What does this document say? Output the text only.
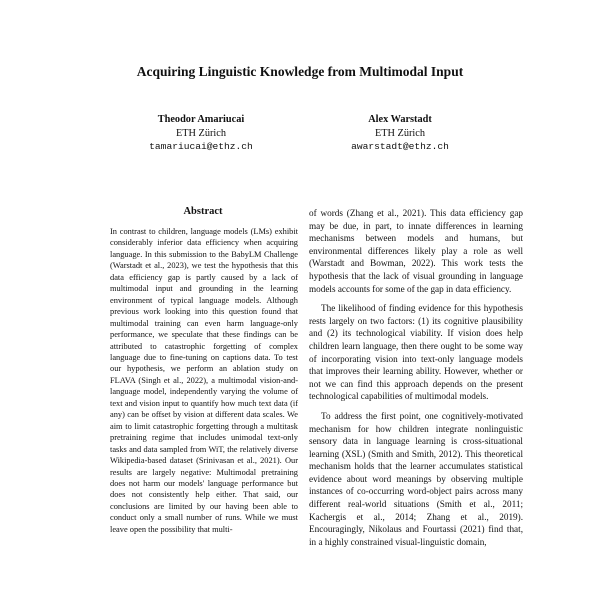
Acquiring Linguistic Knowledge from Multimodal Input
Theodor Amariucai
ETH Zürich
tamariucai@ethz.ch
Alex Warstadt
ETH Zürich
awarstadt@ethz.ch
Abstract

In contrast to children, language models (LMs) exhibit considerably inferior data efficiency when acquiring language. In this submission to the BabyLM Challenge (Warstadt et al., 2023), we test the hypothesis that this data efficiency gap is partly caused by a lack of multimodal input and grounding in the learning environment of typical language models. Although previous work looking into this question found that multimodal training can even harm language-only performance, we speculate that these findings can be attributed to catastrophic forgetting of complex language due to fine-tuning on captions data. To test our hypothesis, we perform an ablation study on FLAVA (Singh et al., 2022), a multimodal vision-and-language model, independently varying the volume of text and vision input to quantify how much text data (if any) can be offset by vision at different data scales. We aim to limit catastrophic forgetting through a multitask pretraining regime that includes unimodal text-only tasks and data sampled from WiT, the relatively diverse Wikipedia-based dataset (Srinivasan et al., 2021). Our results are largely negative: Multimodal pretraining does not harm our models' language performance but does not consistently help either. That said, our conclusions are limited by our having been able to conduct only a small number of runs. While we must leave open the possibility that multi-

of words (Zhang et al., 2021). This data efficiency gap may be due, in part, to innate differences in learning mechanisms between models and humans, but environmental differences likely play a role as well (Warstadt and Bowman, 2022). This work tests the hypothesis that the lack of visual grounding in language models accounts for some of the gap in data efficiency.

The likelihood of finding evidence for this hypothesis rests largely on two factors: (1) its cognitive plausibility and (2) its technological viability. If vision does help children learn language, then there ought to be some way of incorporating vision into text-only language models that improves their learning ability. However, whether or not we can find this approach depends on the present technological capabilities of multimodal models.

To address the first point, one cognitively-motivated mechanism for how children integrate nonlinguistic sensory data in language learning is cross-situational learning (XSL) (Smith and Smith, 2012). This theoretical mechanism holds that the learner accumulates statistical evidence about word meanings by observing multiple instances of co-occurring word-object pairs across many different real-world situations (Smith et al., 2011; Kachergis et al., 2014; Zhang et al., 2019). Encouragingly, Nikolaus and Fourtassi (2021) find that, in a highly constrained visual-linguistic domain,
